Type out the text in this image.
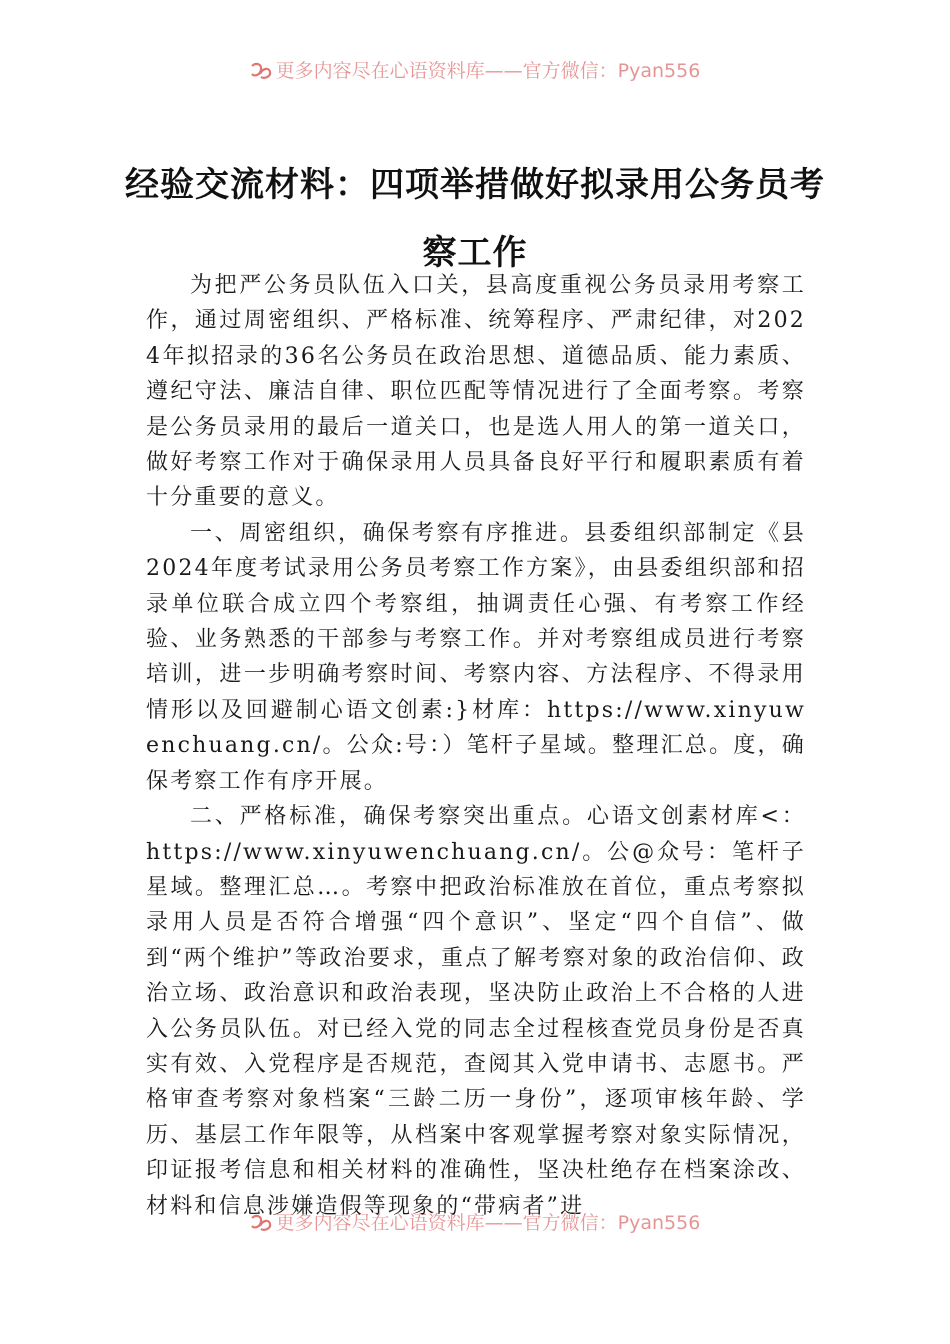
更多内容尽在心语资料库——官方微信：Pyan556
经验交流材料：四项举措做好拟录用公务员考察工作

为把严公务员队伍入口关，县高度重视公务员录用考察工作，通过周密组织、严格标准、统筹程序、严肃纪律，对2024年拟招录的36名公务员在政治思想、道德品质、能力素质、遵纪守法、廉洁自律、职位匹配等情况进行了全面考察。考察是公务员录用的最后一道关口，也是选人用人的第一道关口，做好考察工作对于确保录用人员具备良好平行和履职素质有着十分重要的意义。

一、周密组织，确保考察有序推进。县委组织部制定《县2024年度考试录用公务员考察工作方案》，由县委组织部和招录单位联合成立四个考察组，抽调责任心强、有考察工作经验、业务熟悉的干部参与考察工作。并对考察组成员进行考察培训，进一步明确考察时间、考察内容、方法程序、不得录用情形以及回避制心语文创素:}材库：https://www.xinyuwenchuang.cn/。公众:号：）笔杆子星域。整理汇总。度，确保考察工作有序开展。

二、严格标准，确保考察突出重点。心语文创素材库<：https://www.xinyuwenchuang.cn/。公@众号：笔杆子星域。整理汇总…。考察中把政治标准放在首位，重点考察拟录用人员是否符合增强“四个意识”、坚定“四个自信”、做到“两个维护”等政治要求，重点了解考察对象的政治信仰、政治立场、政治意识和政治表现，坚决防止政治上不合格的人进入公务员队伍。对已经入党的同志全过程核查党员身份是否真实有效、入党程序是否规范，查阅其入党申请书、志愿书。严格审查考察对象档案“三龄二历一身份”，逐项审核年龄、学历、基层工作年限等，从档案中客观掌握考察对象实际情况，印证报考信息和相关材料的准确性，坚决杜绝存在档案涂改、材料和信息涉嫌造假等现象的“带病者”进

更多内容尽在心语资料库——官方微信：Pyan556
